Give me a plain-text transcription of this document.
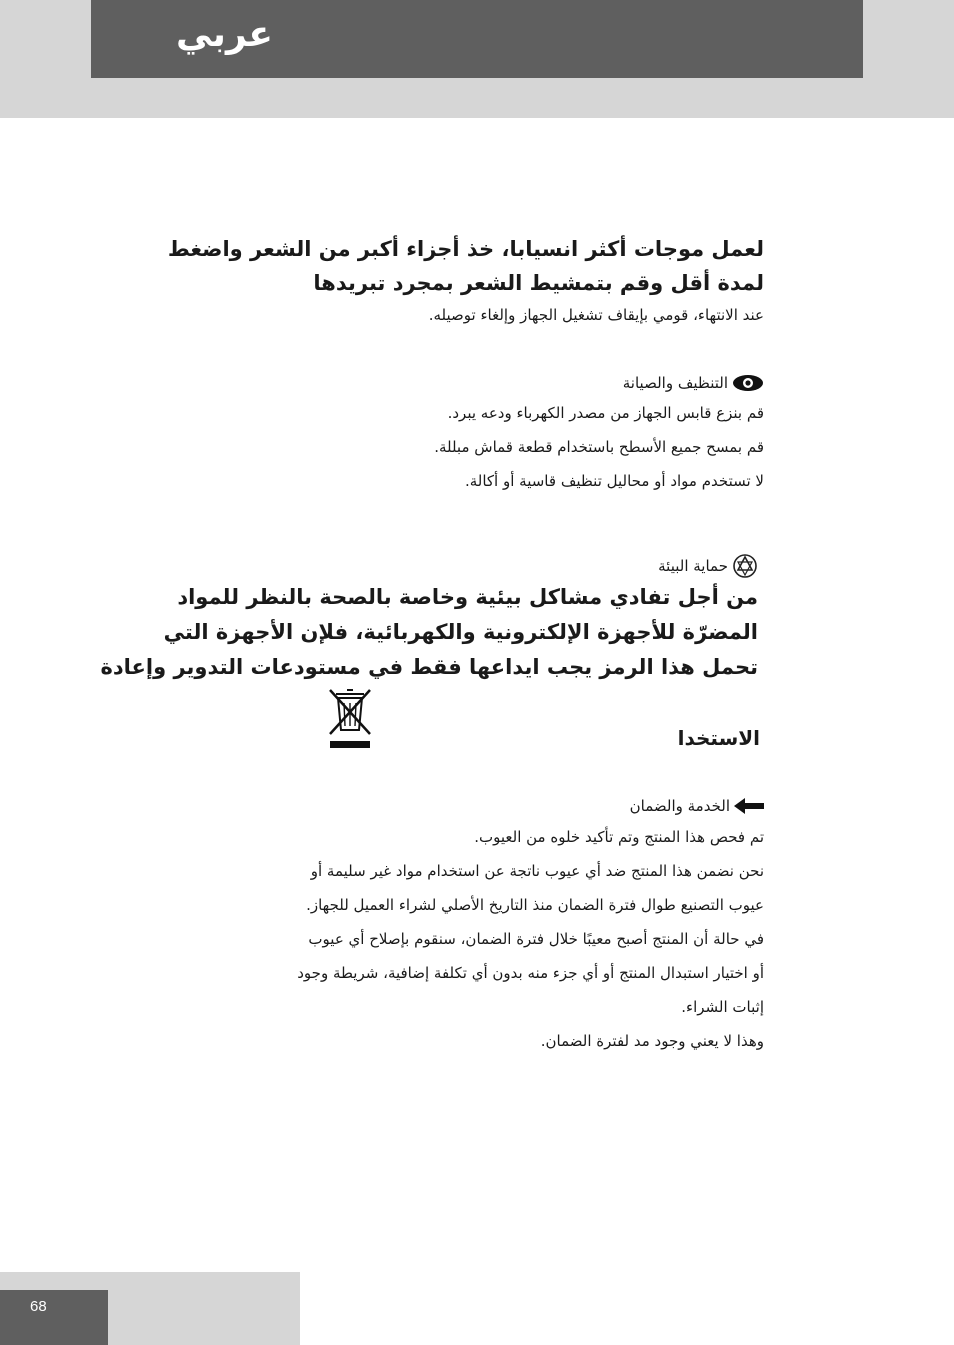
عربي
لعمل موجات أكثر انسيابا، خذ أجزاء أكبر من الشعر واضغط
لمدة أقل وقم بتمشيط الشعر بمجرد تبريدها
عند الانتهاء، قومي بإيقاف تشغيل الجهاز وإلغاء توصيله.
التنظيف والصيانة
قم بنزع قابس الجهاز من مصدر الكهرباء ودعه يبرد.
قم بمسح جميع الأسطح باستخدام قطعة قماش مبللة.
لا تستخدم مواد أو محاليل تنظيف قاسية أو أكالة.
حماية البيئة
من أجل تفادي مشاكل بيئية وخاصة بالصحة بالنظر للمواد
المضرّة للأجهزة الإلكترونية والكهربائية، فلإن الأجهزة التي
تحمل هذا الرمز يجب ايداعها فقط في مستودعات التدوير وإعادة
الاستخدا
الخدمة والضمان
تم فحص هذا المنتج وتم تأكيد خلوه من العيوب.
نحن نضمن هذا المنتج ضد أي عيوب ناتجة عن استخدام مواد غير سليمة أو
عيوب التصنيع طوال فترة الضمان منذ التاريخ الأصلي لشراء العميل للجهاز.
في حالة أن المنتج أصبح معيبًا خلال فترة الضمان، سنقوم بإصلاح أي عيوب
أو اختيار استبدال المنتج أو أي جزء منه بدون أي تكلفة إضافية، شريطة وجود
إثبات الشراء.
وهذا لا يعني وجود مد لفترة الضمان.
68
